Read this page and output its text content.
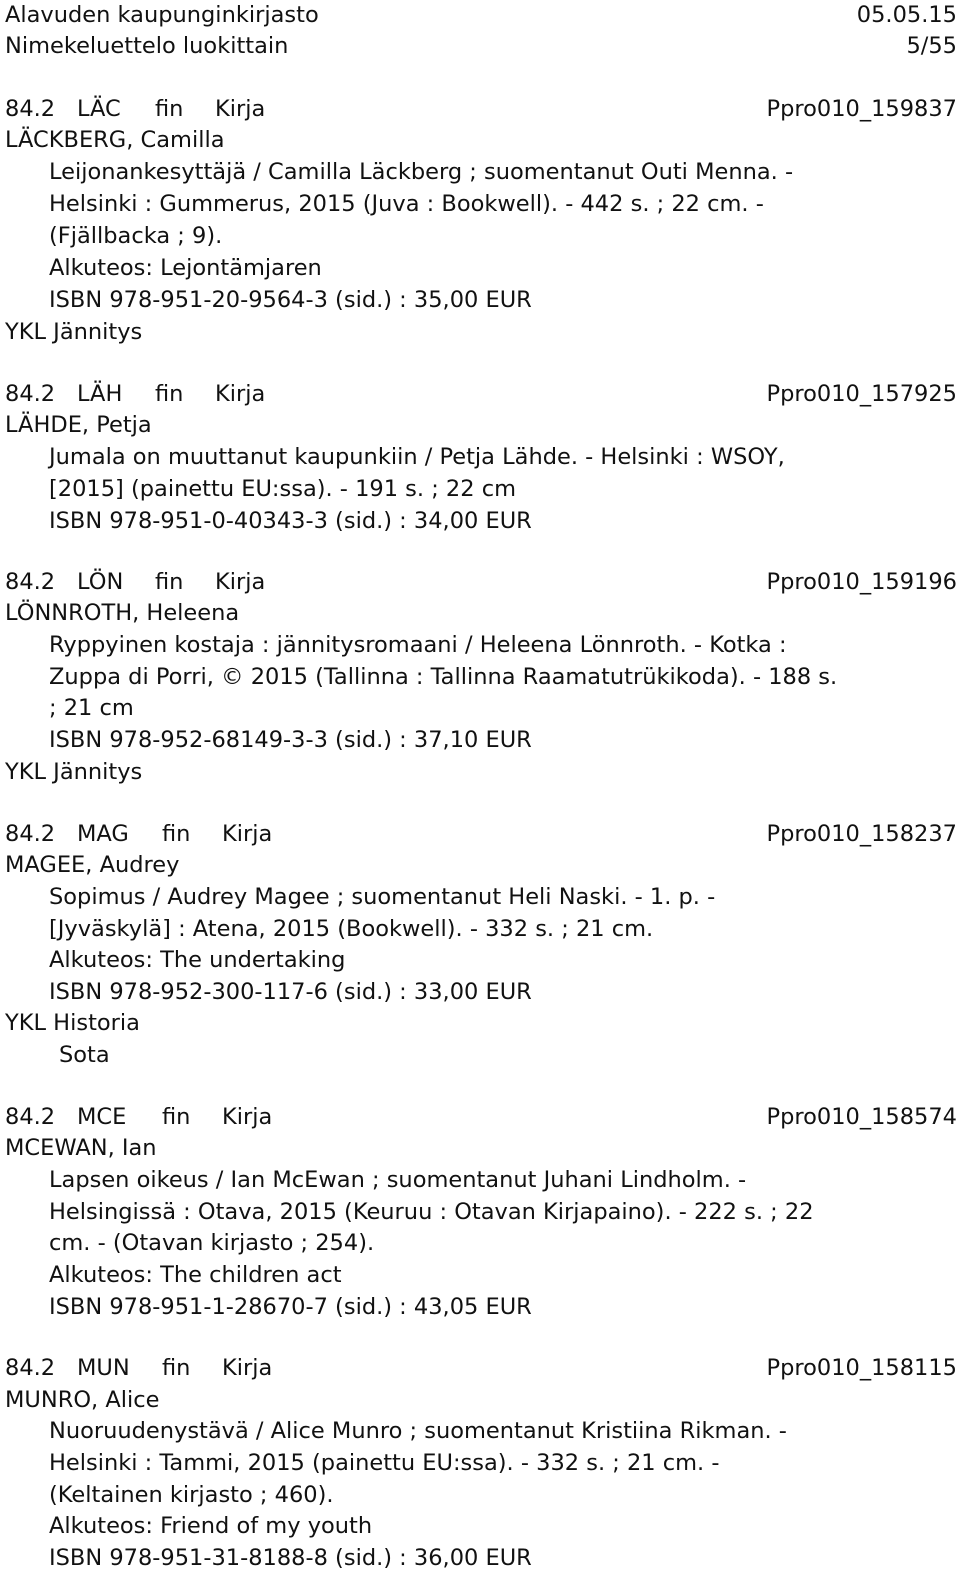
Alavuden kaupunginkirjasto	05.05.15
Nimekeluettelo luokittain	5/55
84.2 LÄC fin Kirja	Ppro010_159837
LÄCKBERG, Camilla
Leijonankesyttäjä / Camilla Läckberg ; suomentanut Outi Menna. -
Helsinki : Gummerus, 2015 (Juva : Bookwell). - 442 s. ; 22 cm. -
(Fjällbacka ; 9).
Alkuteos: Lejontämjaren
ISBN 978-951-20-9564-3 (sid.) : 35,00 EUR
YKL Jännitys
84.2 LÄH fin Kirja	Ppro010_157925
LÄHDE, Petja
Jumala on muuttanut kaupunkiin / Petja Lähde. - Helsinki : WSOY,
[2015] (painettu EU:ssa). - 191 s. ; 22 cm
ISBN 978-951-0-40343-3 (sid.) : 34,00 EUR
84.2 LÖN fin Kirja	Ppro010_159196
LÖNNROTH, Heleena
Ryppyinen kostaja : jännitysromaani / Heleena Lönnroth. - Kotka :
Zuppa di Porri, © 2015 (Tallinna : Tallinna Raamatutrükikoda). - 188 s.
; 21 cm
ISBN 978-952-68149-3-3 (sid.) : 37,10 EUR
YKL Jännitys
84.2 MAG fin Kirja	Ppro010_158237
MAGEE, Audrey
Sopimus / Audrey Magee ; suomentanut Heli Naski. - 1. p. -
[Jyväskylä] : Atena, 2015 (Bookwell). - 332 s. ; 21 cm.
Alkuteos: The undertaking
ISBN 978-952-300-117-6 (sid.) : 33,00 EUR
YKL Historia
Sota
84.2 MCE fin Kirja	Ppro010_158574
MCEWAN, Ian
Lapsen oikeus / Ian McEwan ; suomentanut Juhani Lindholm. -
Helsingissä : Otava, 2015 (Keuruu : Otavan Kirjapaino). - 222 s. ; 22
cm. - (Otavan kirjasto ; 254).
Alkuteos: The children act
ISBN 978-951-1-28670-7 (sid.) : 43,05 EUR
84.2 MUN fin Kirja	Ppro010_158115
MUNRO, Alice
Nuoruudenystävä / Alice Munro ; suomentanut Kristiina Rikman. -
Helsinki : Tammi, 2015 (painettu EU:ssa). - 332 s. ; 21 cm. -
(Keltainen kirjasto ; 460).
Alkuteos: Friend of my youth
ISBN 978-951-31-8188-8 (sid.) : 36,00 EUR
